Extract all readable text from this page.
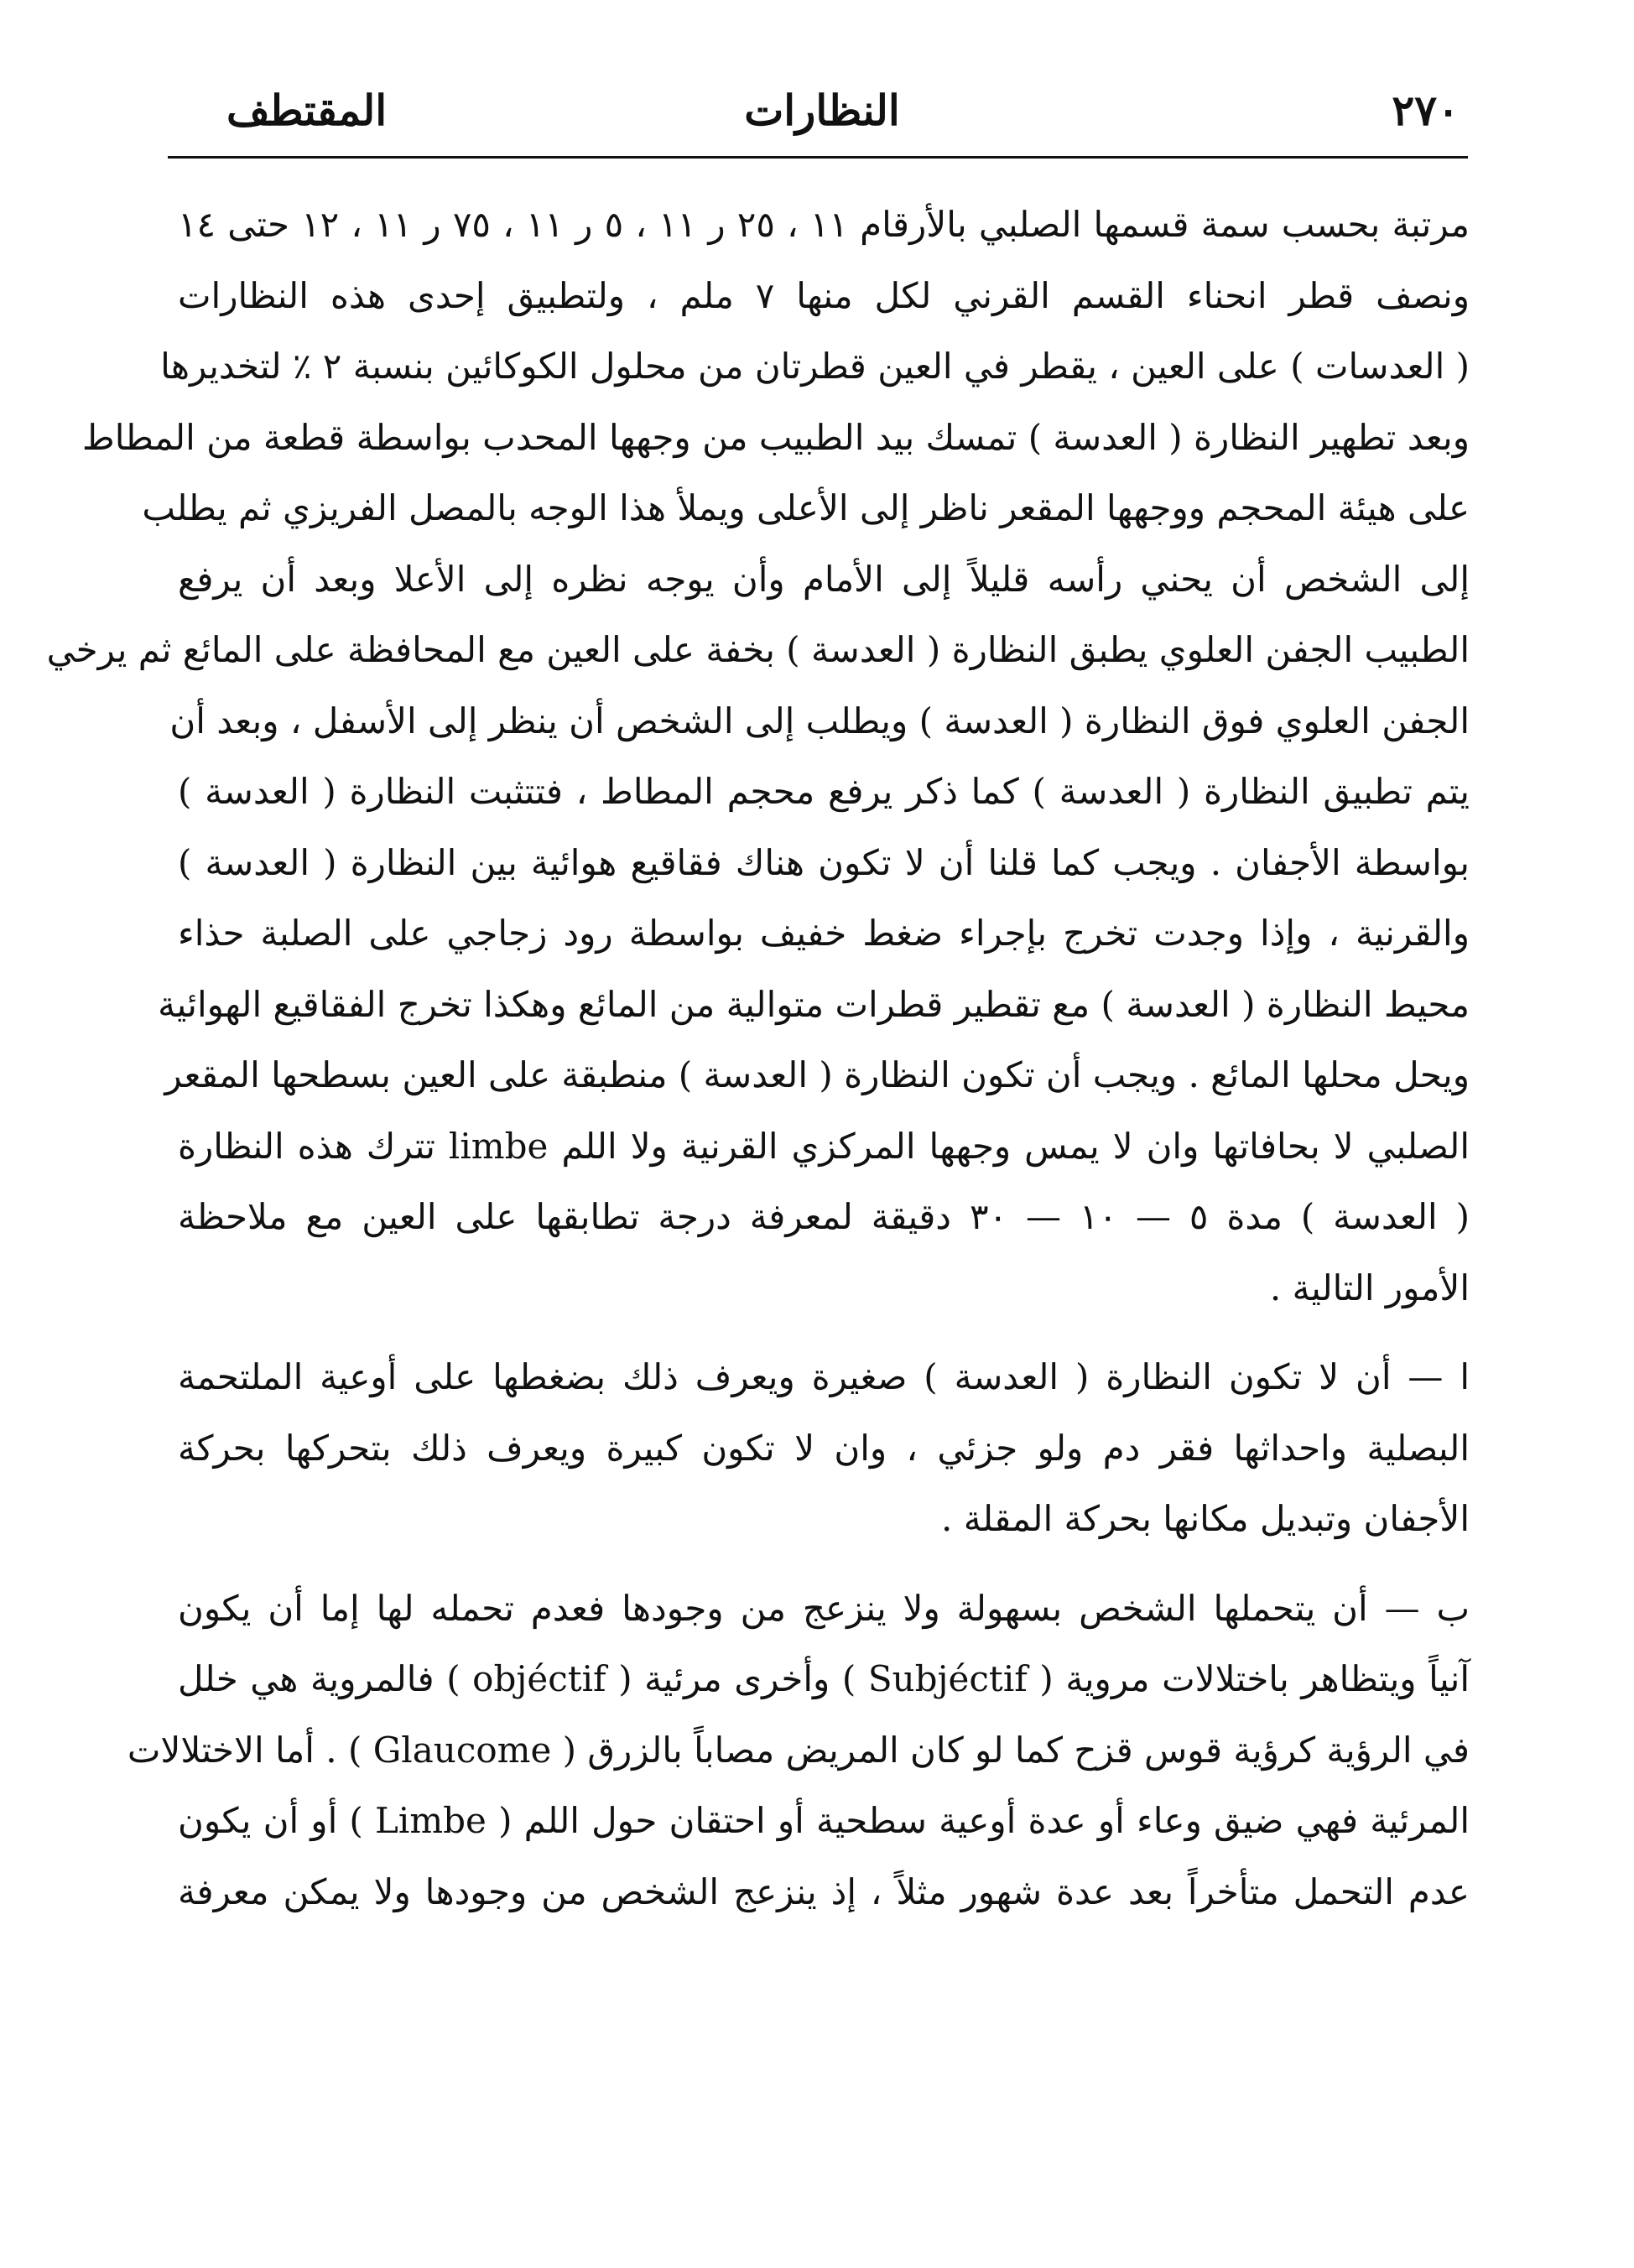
٢٧٠
النظارات
المقتطف
مرتبة بحسب سمة قسمها الصلبي بالأرقام ١١ ، ٢٥ ر ١١ ، ٥ ر ١١ ، ٧٥ ر ١١ ، ١٢ حتى ١٤
ونصف قطر انحناء القسم القرني لكل منها ٧ ملم ، ولتطبيق إحدى هذه النظارات
( العدسات ) على العين ، يقطر في العين قطرتان من محلول الكوكائين بنسبة ٢ ٪ لتخديرها
وبعد تطهير النظارة ( العدسة ) تمسك بيد الطبيب من وجهها المحدب بواسطة قطعة من المطاط
على هيئة المحجم ووجهها المقعر ناظر إلى الأعلى ويملأ هذا الوجه بالمصل الفريزي ثم يطلب
إلى الشخص أن يحني رأسه قليلاً إلى الأمام وأن يوجه نظره إلى الأعلا وبعد أن يرفع
الطبيب الجفن العلوي يطبق النظارة ( العدسة ) بخفة على العين مع المحافظة على المائع ثم يرخي
الجفن العلوي فوق النظارة ( العدسة ) ويطلب إلى الشخص أن ينظر إلى الأسفل ، وبعد أن
يتم تطبيق النظارة ( العدسة ) كما ذكر يرفع محجم المطاط ، فتتثبت النظارة ( العدسة )
بواسطة الأجفان . ويجب كما قلنا أن لا تكون هناك فقاقيع هوائية بين النظارة ( العدسة )
والقرنية ، وإذا وجدت تخرج بإجراء ضغط خفيف بواسطة رود زجاجي على الصلبة حذاء
محيط النظارة ( العدسة ) مع تقطير قطرات متوالية من المائع وهكذا تخرج الفقاقيع الهوائية
ويحل محلها المائع . ويجب أن تكون النظارة ( العدسة ) منطبقة على العين بسطحها المقعر
الصلبي لا بحافاتها وان لا يمس وجهها المركزي القرنية ولا اللم limbe تترك هذه النظارة
( العدسة ) مدة ٥ — ١٠ — ٣٠ دقيقة لمعرفة درجة تطابقها على العين مع ملاحظة
الأمور التالية .
ا — أن لا تكون النظارة ( العدسة ) صغيرة ويعرف ذلك بضغطها على أوعية الملتحمة
البصلية واحداثها فقر دم ولو جزئي ، وان لا تكون كبيرة ويعرف ذلك بتحركها بحركة
الأجفان وتبديل مكانها بحركة المقلة .
ب — أن يتحملها الشخص بسهولة ولا ينزعج من وجودها فعدم تحمله لها إما أن يكون
آنياً ويتظاهر باختلالات مروية ( Subjéctif ) وأخرى مرئية ( objéctif ) فالمروية هي خلل
في الرؤية كرؤية قوس قزح كما لو كان المريض مصاباً بالزرق ( Glaucome ) . أما الاختلالات
المرئية فهي ضيق وعاء أو عدة أوعية سطحية أو احتقان حول اللم ( Limbe ) أو أن يكون
عدم التحمل متأخراً بعد عدة شهور مثلاً ، إذ ينزعج الشخص من وجودها ولا يمكن معرفة
